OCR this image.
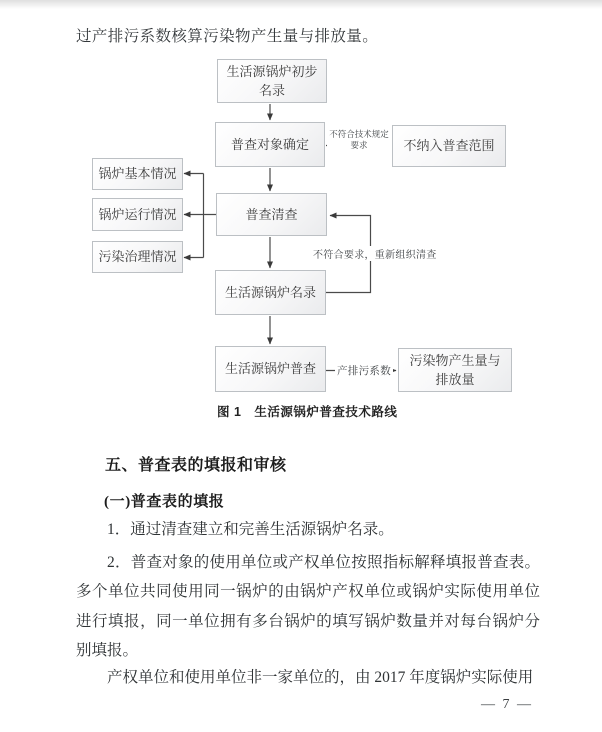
过产排污系数核算污染物产生量与排放量。
生活源锅炉初步名录
普查对象确定	不纳入普查范围
锅炉基本情况
锅炉运行情况
污染治理情况
普查清查
生活源锅炉名录
生活源锅炉普查
污染物产生量与排放量
不符合技术规定
要求
不符合要求，重新组织清查
产排污系数
图 1　生活源锅炉普查技术路线
五、普查表的填报和审核
(一)普查表的填报
1．通过清查建立和完善生活源锅炉名录。
2．普查对象的使用单位或产权单位按照指标解释填报普查表。多个单位共同使用同一锅炉的由锅炉产权单位或锅炉实际使用单位进行填报，同一单位拥有多台锅炉的填写锅炉数量并对每台锅炉分别填报。
产权单位和使用单位非一家单位的，由 2017 年度锅炉实际使用
— 7 —
